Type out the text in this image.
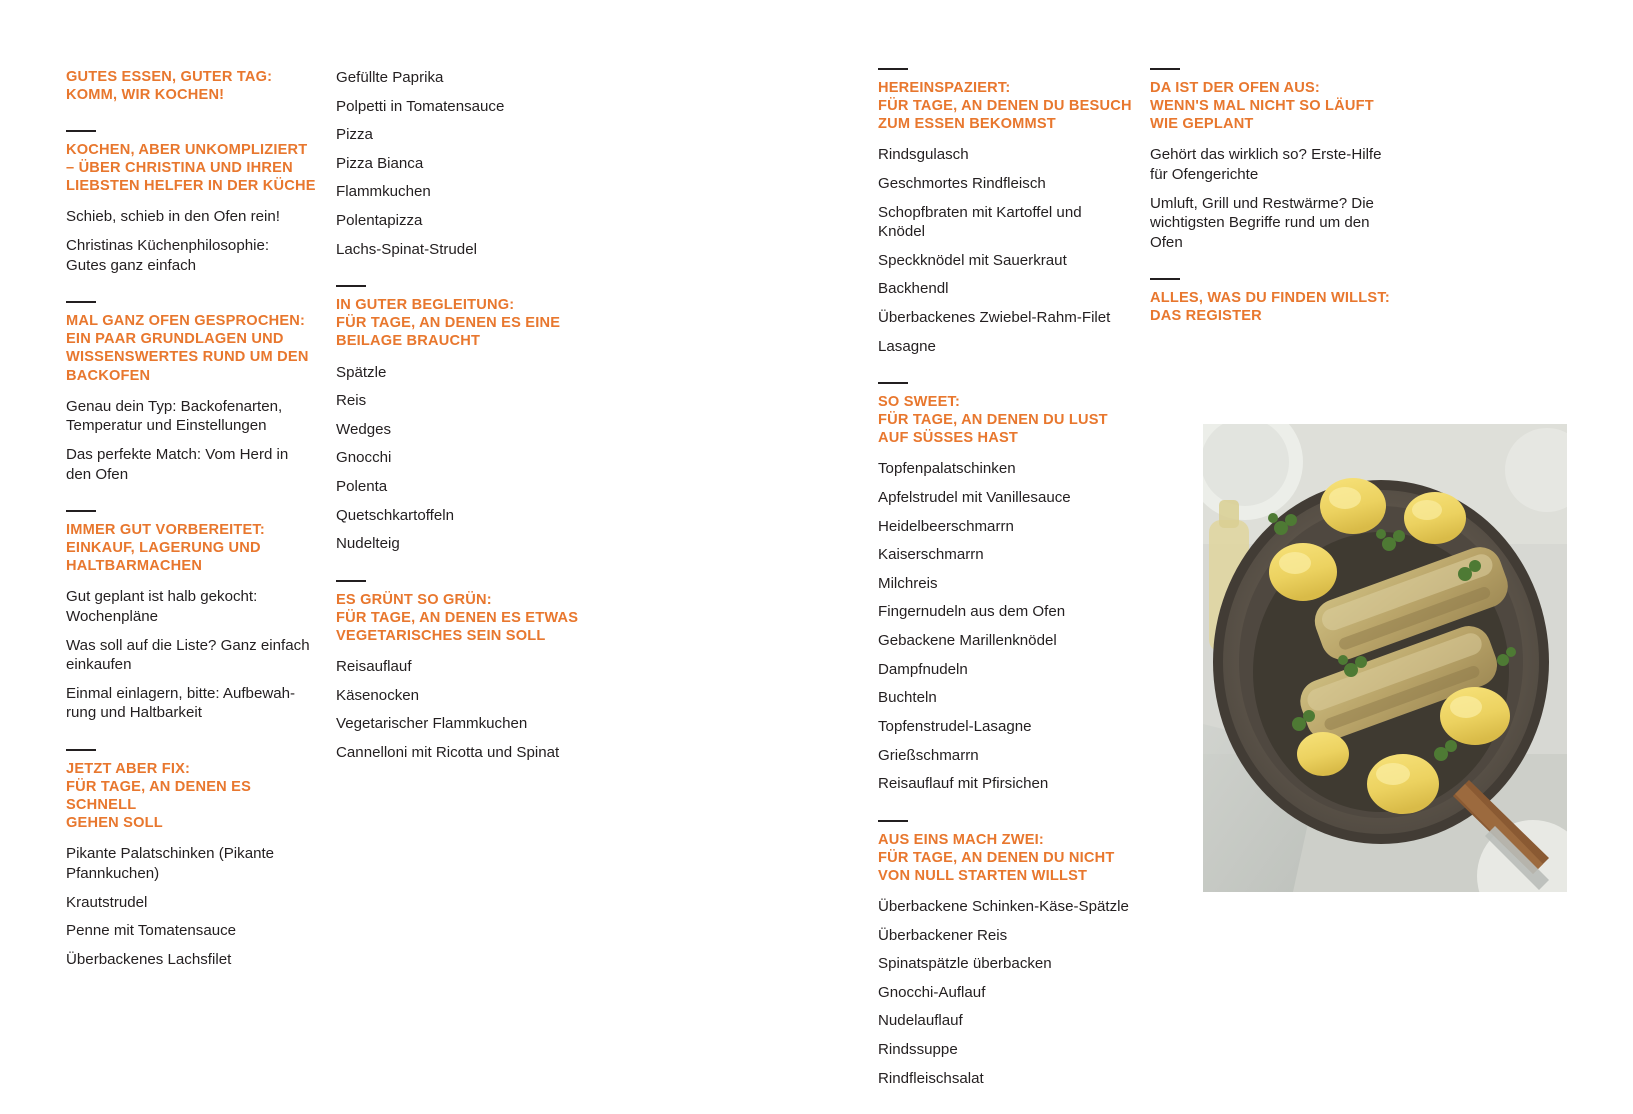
GUTES ESSEN, GUTER TAG:
KOMM, WIR KOCHEN!
KOCHEN, ABER UNKOMPLIZIERT
– ÜBER CHRISTINA UND IHREN
LIEBSTEN HELFER IN DER KÜCHE
Schieb, schieb in den Ofen rein!
Christinas Küchenphilosophie:
Gutes ganz einfach
MAL GANZ OFEN GESPROCHEN:
EIN PAAR GRUNDLAGEN UND
WISSENSWERTES RUND UM DEN
BACKOFEN
Genau dein Typ: Backofenarten,
Temperatur und Einstellungen
Das perfekte Match: Vom Herd in
den Ofen
IMMER GUT VORBEREITET:
EINKAUF, LAGERUNG UND
HALTBARMACHEN
Gut geplant ist halb gekocht:
Wochenpläne
Was soll auf die Liste? Ganz einfach
einkaufen
Einmal einlagern, bitte: Aufbewah-
rung und Haltbarkeit
JETZT ABER FIX:
FÜR TAGE, AN DENEN ES SCHNELL
GEHEN SOLL
Pikante Palatschinken (Pikante
Pfannkuchen)
Krautstrudel
Penne mit Tomatensauce
Überbackenes Lachsfilet
Gefüllte Paprika
Polpetti in Tomatensauce
Pizza
Pizza Bianca
Flammkuchen
Polentapizza
Lachs-Spinat-Strudel
IN GUTER BEGLEITUNG:
FÜR TAGE, AN DENEN ES EINE
BEILAGE BRAUCHT
Spätzle
Reis
Wedges
Gnocchi
Polenta
Quetschkartoffeln
Nudelteig
ES GRÜNT SO GRÜN:
FÜR TAGE, AN DENEN ES ETWAS
VEGETARISCHES SEIN SOLL
Reisauflauf
Käsenocken
Vegetarischer Flammkuchen
Cannelloni mit Ricotta und Spinat
HEREINSPAZIERT:
FÜR TAGE, AN DENEN DU BESUCH
ZUM ESSEN BEKOMMST
Rindsgulasch
Geschmortes Rindfleisch
Schopfbraten mit Kartoffel und
Knödel
Speckknödel mit Sauerkraut
Backhendl
Überbackenes Zwiebel-Rahm-Filet
Lasagne
SO SWEET:
FÜR TAGE, AN DENEN DU LUST
AUF SÜSSES HAST
Topfenpalatschinken
Apfelstrudel mit Vanillesauce
Heidelbeerschmarrn
Kaiserschmarrn
Milchreis
Fingernudeln aus dem Ofen
Gebackene Marillenknödel
Dampfnudeln
Buchteln
Topfenstrudel-Lasagne
Grießschmarrn
Reisauflauf mit Pfirsichen
AUS EINS MACH ZWEI:
FÜR TAGE, AN DENEN DU NICHT
VON NULL STARTEN WILLST
Überbackene Schinken-Käse-Spätzle
Überbackener Reis
Spinatspätzle überbacken
Gnocchi-Auflauf
Nudelauflauf
Rindssuppe
Rindfleischsalat
DA IST DER OFEN AUS:
WENN'S MAL NICHT SO LÄUFT
WIE GEPLANT
Gehört das wirklich so? Erste-Hilfe
für Ofengerichte
Umluft, Grill und Restwärme? Die
wichtigsten Begriffe rund um den
Ofen
ALLES, WAS DU FINDEN WILLST:
DAS REGISTER
